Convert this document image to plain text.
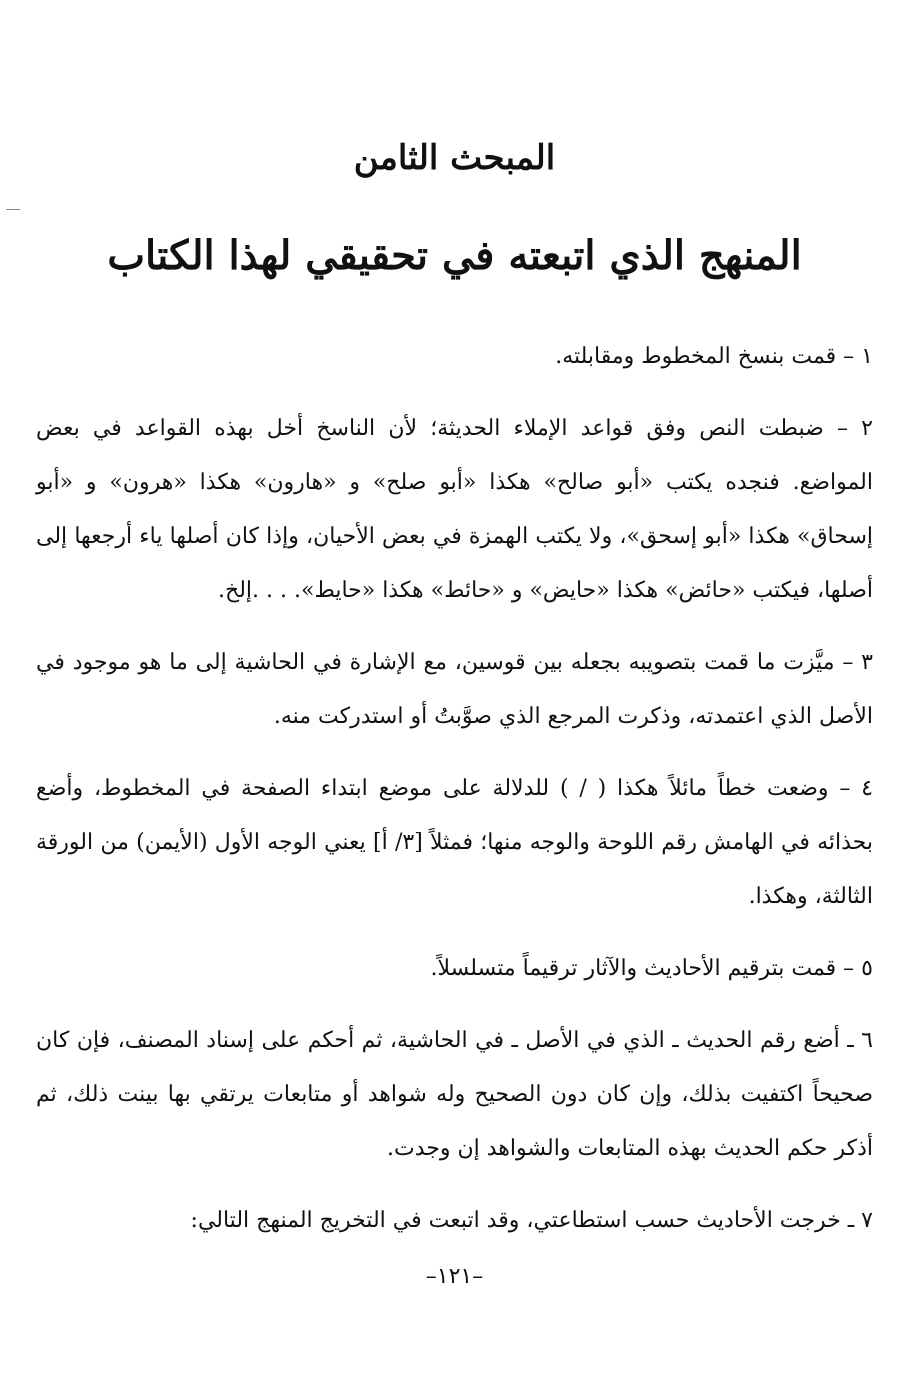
المبحث الثامن
المنهج الذي اتبعته في تحقيقي لهذا الكتاب

١ – قمت بنسخ المخطوط ومقابلته.

٢ – ضبطت النص وفق قواعد الإملاء الحديثة؛ لأن الناسخ أخل بهذه القواعد في بعض المواضع. فنجده يكتب «أبو صالح» هكذا «أبو صلح» و «هارون» هكذا «هرون» و «أبو إسحاق» هكذا «أبو إسحق»، ولا يكتب الهمزة في بعض الأحيان، وإذا كان أصلها ياء أرجعها إلى أصلها، فيكتب «حائض» هكذا «حايض» و «حائط» هكذا «حايط». . . .إلخ.

٣ – ميَّزت ما قمت بتصويبه بجعله بين قوسين، مع الإشارة في الحاشية إلى ما هو موجود في الأصل الذي اعتمدته، وذكرت المرجع الذي صوَّبتُ أو استدركت منه.

٤ – وضعت خطاً مائلاً هكذا ( / ) للدلالة على موضع ابتداء الصفحة في المخطوط، وأضع بحذائه في الهامش رقم اللوحة والوجه منها؛ فمثلاً [٣/ أ] يعني الوجه الأول (الأيمن) من الورقة الثالثة، وهكذا.

٥ – قمت بترقيم الأحاديث والآثار ترقيماً متسلسلاً.

٦ ـ أضع رقم الحديث ـ الذي في الأصل ـ في الحاشية، ثم أحكم على إسناد المصنف، فإن كان صحيحاً اكتفيت بذلك، وإن كان دون الصحيح وله شواهد أو متابعات يرتقي بها بينت ذلك، ثم أذكر حكم الحديث بهذه المتابعات والشواهد إن وجدت.

٧ ـ خرجت الأحاديث حسب استطاعتي، وقد اتبعت في التخريج المنهج التالي:

–١٢١–
